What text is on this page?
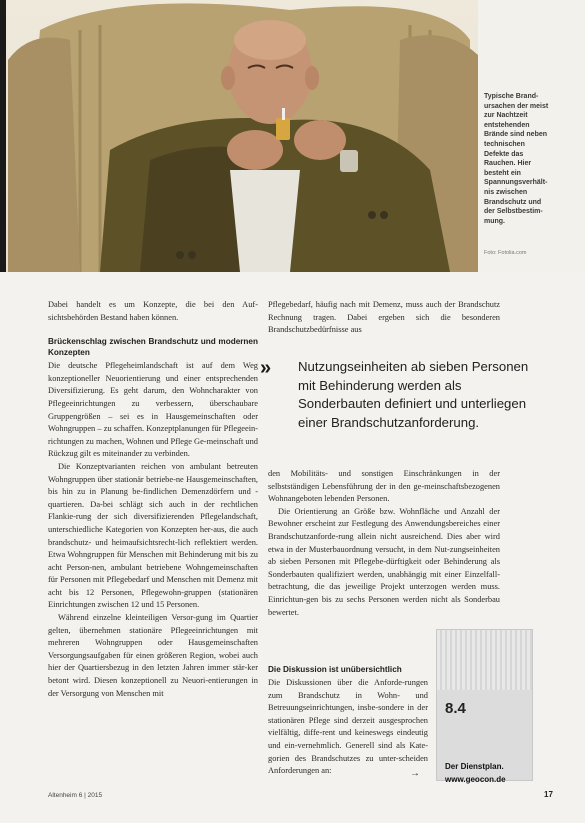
Typische Brand-
ursachen der meist
zur Nachtzeit
entstehenden
Brände sind neben
technischen
Defekte das
Rauchen. Hier
besteht ein
Spannungsverhält-
nis zwischen
Brandschutz und
der Selbstbestim-
mung.
Foto: Fotolia.com

Dabei handelt es um Konzepte, die bei den Auf-sichtsbehörden Bestand haben können.

Brückenschlag zwischen Brandschutz und modernen Konzepten

Die deutsche Pflegeheimlandschaft ist auf dem Weg konzeptioneller Neuorientierung und einer entsprechenden Diversifizierung. Es geht darum, den Wohncharakter von Pflegeeinrichtungen zu verbessern, überschaubare Gruppengrößen – sei es in Hausgemeinschaften oder Wohngruppen – zu schaffen. Konzeptplanungen für Pflegeein-richtungen zu machen, Wohnen und Pflege Ge-meinschaft und Rückzug gilt es miteinander zu verbinden.

Die Konzeptvarianten reichen von ambulant betreuten Wohngruppen über stationär betriebe-ne Hausgemeinschaften, bis hin zu in Planung be-findlichen Demenzdörfern und -quartieren. Da-bei schlägt sich auch in der rechtlichen Flankie-rung der sich diversifizierenden Pflegelandschaft, unterschiedliche Kategorien von Konzepten her-aus, die auch brandschutz- und heimaufsichtsrecht-lich reflektiert werden. Etwa Wohngruppen für Menschen mit Behinderung mit bis zu acht Person-nen, ambulant betriebene Wohngemeinschaften für Personen mit Pflegebedarf und Menschen mit Demenz mit acht bis 12 Personen, Pflegewohn-gruppen (stationären Einrichtungen zwischen 12 und 15 Personen.

Während einzelne kleinteiligen Versor-gung im Quartier gelten, übernehmen stationäre Pflegeeinrichtungen mit mehreren Wohngruppen oder Hausgemeinschaften Versorgungsaufgaben für einen größeren Region, wobei auch hier der Quartiersbezug in den letzten Jahren immer stär-ker betont wird. Diesen konzeptionell zu Neuori-entierungen in der Versorgung von Menschen mit

Pflegebedarf, häufig nach mit Demenz, muss auch der Brandschutz Rechnung tragen. Dabei ergeben sich die besonderen Brandschutzbedürfnisse aus

» Nutzungseinheiten ab sieben Personen mit Behinderung werden als Sonderbauten definiert und unterliegen einer Brandschutzanforderung.

den Mobilitäts- und sonstigen Einschränkungen in der selbstständigen Lebensführung der in den ge-meinschaftsbezogenen Wohnangeboten lebenden Personen.

Die Orientierung an Größe bzw. Wohnfläche und Anzahl der Bewohner erscheint zur Festlegung des Anwendungsbereiches einer Brandschutzanforde-rung allein nicht ausreichend. Dies aber wird etwa in der Musterbauordnung versucht, in dem Nut-zungseinheiten ab sieben Personen mit Pflegebe-dürftigkeit oder Behinderung als Sonderbauten qualifiziert werden, unabhängig mit einer Einzelfall-betrachtung, die das jeweilige Projekt unterzogen werden muss. Einrichtun-gen bis zu sechs Personen werden nicht als Sonderbau bewertet.

Die Diskussion ist unübersichtlich

Die Diskussionen über die Anforde-rungen zum Brandschutz in Wohn- und Betreuungseinrichtungen, insbe-sondere in der stationären Pflege sind derzeit ausgesprochen vielfältig, diffe-rent und keineswegs eindeutig und ein-vernehmlich. Generell sind als Kate-gorien des Brandschutzes zu unter-scheiden Anforderungen an:	→
8.4
Der Dienstplan.
www.geocon.de
Altenheim 6 | 2015	17
